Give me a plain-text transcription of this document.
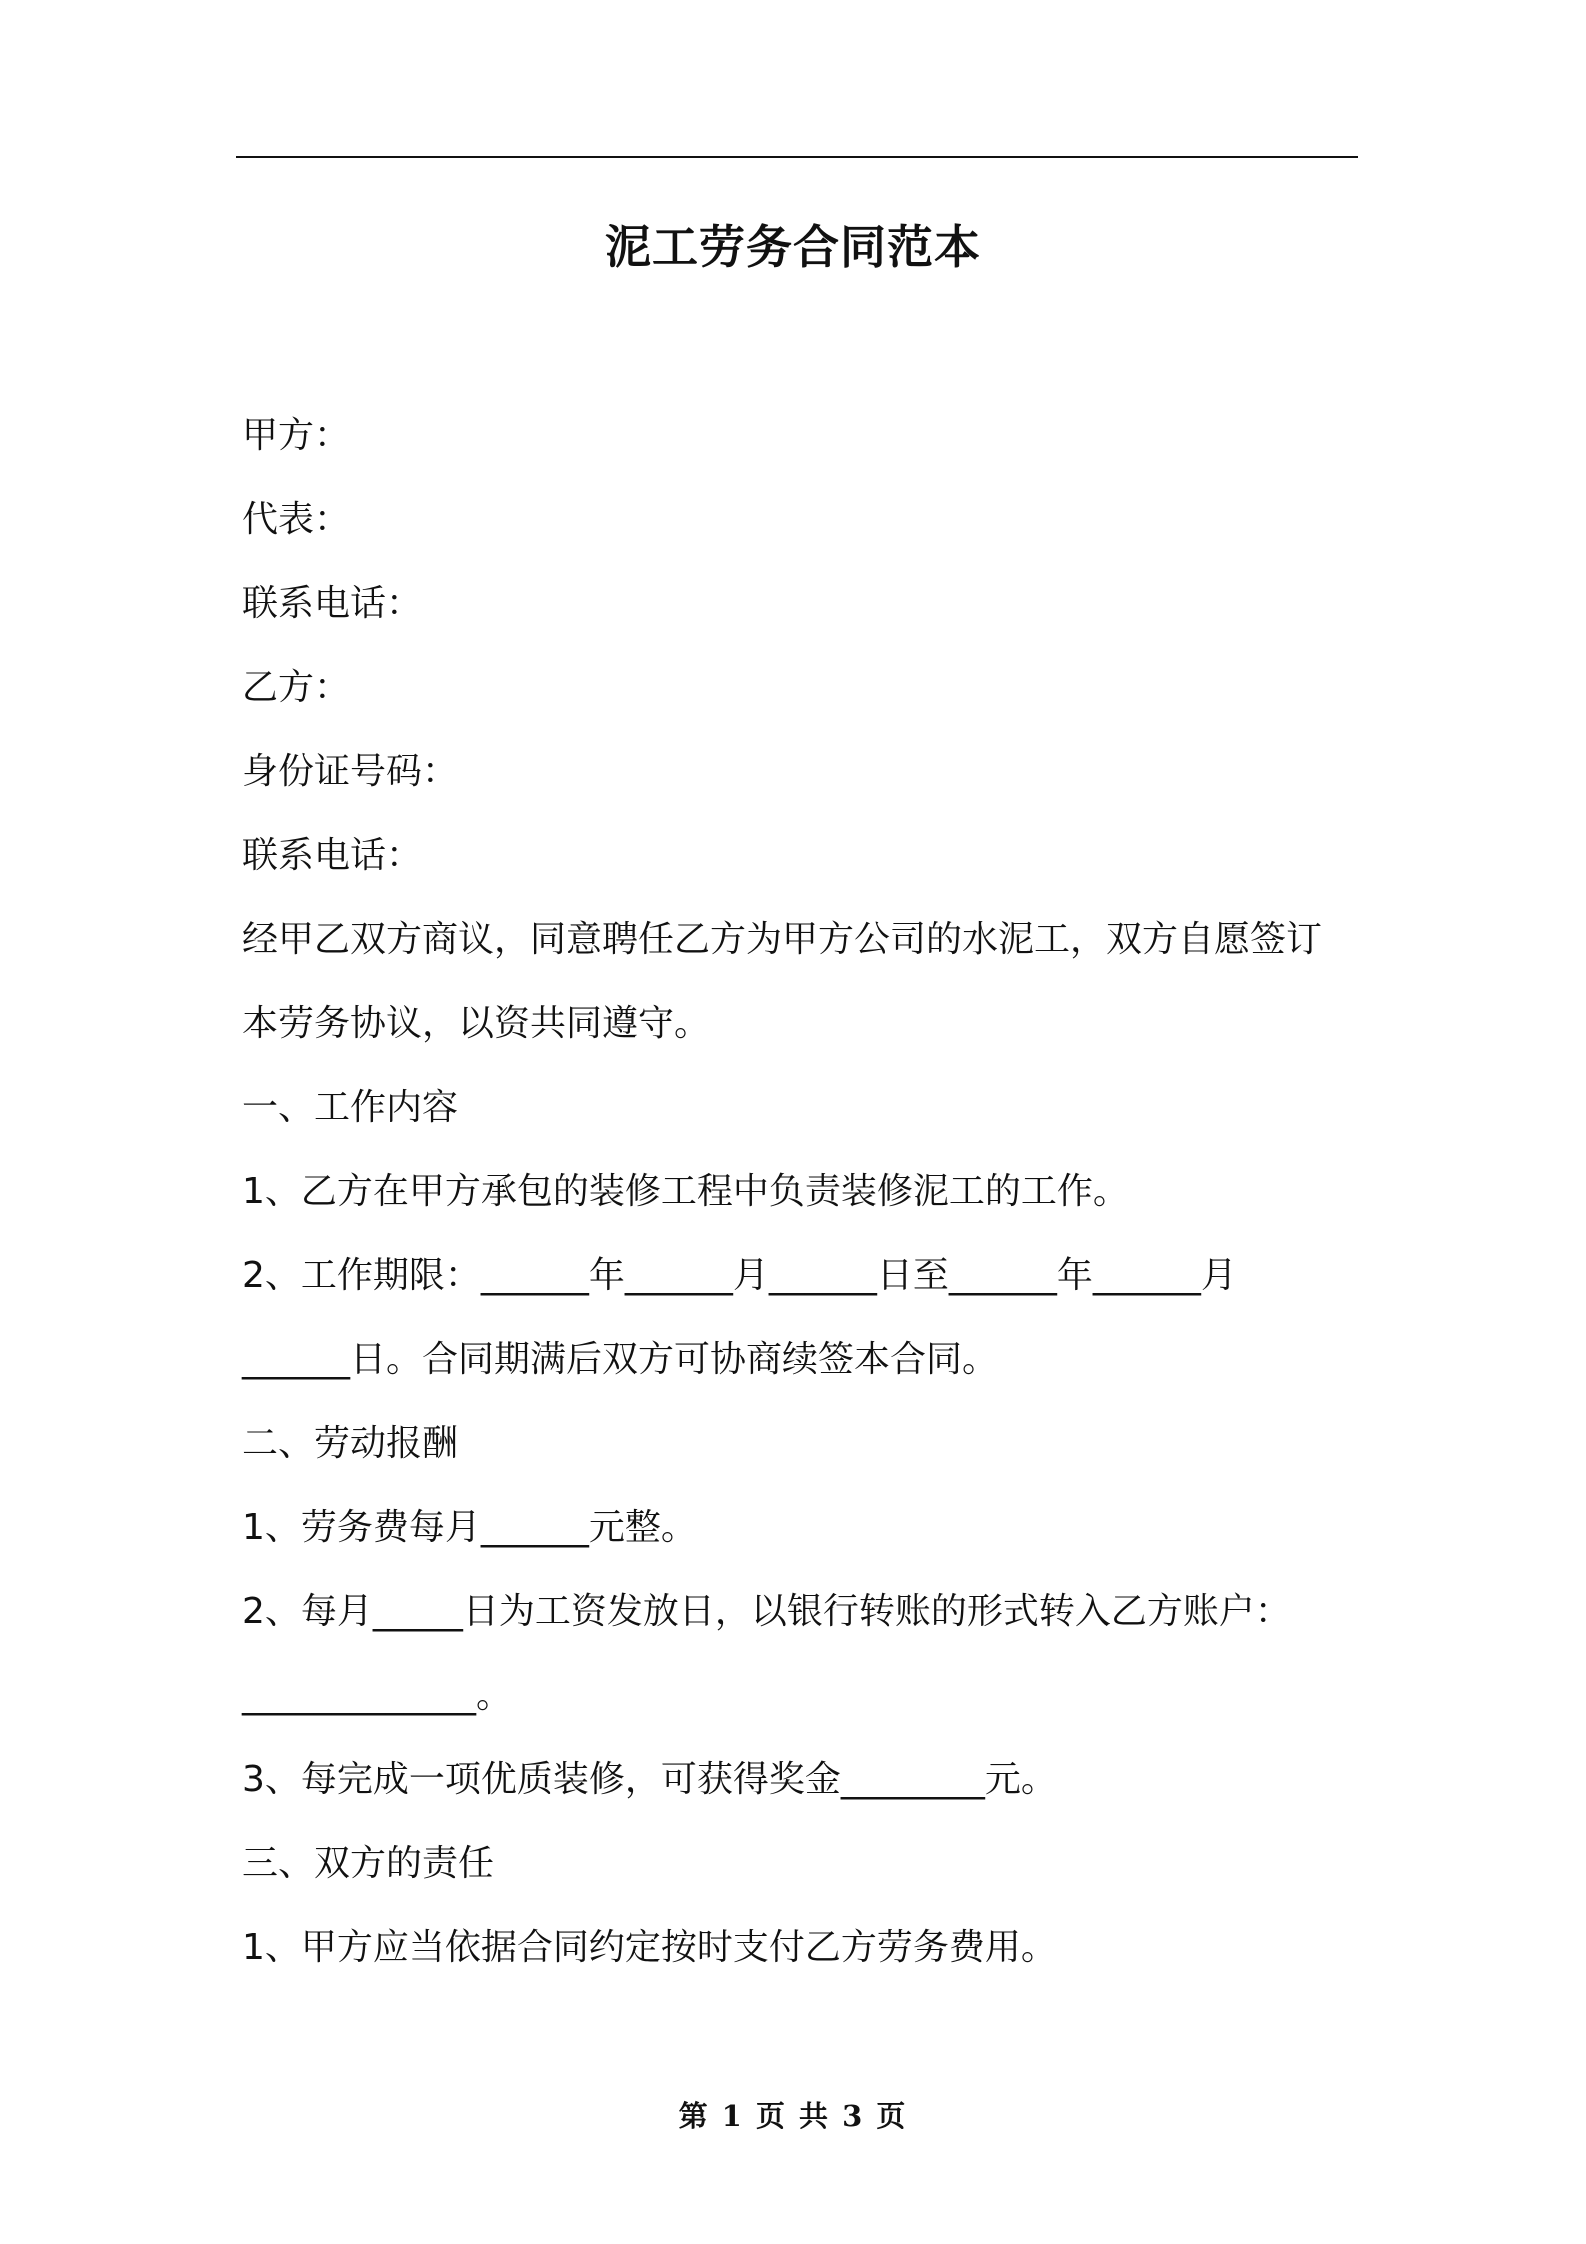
泥工劳务合同范本
甲方：
代表：
联系电话：
乙方：
身份证号码：
联系电话：
经甲乙双方商议，同意聘任乙方为甲方公司的水泥工，双方自愿签订
本劳务协议，以资共同遵守。
一、工作内容
1、乙方在甲方承包的装修工程中负责装修泥工的工作。
2、工作期限：______年______月______日至______年______月
______日。合同期满后双方可协商续签本合同。
二、劳动报酬
1、劳务费每月______元整。
2、每月_____日为工资发放日，以银行转账的形式转入乙方账户：
_____________。
3、每完成一项优质装修，可获得奖金________元。
三、双方的责任
1、甲方应当依据合同约定按时支付乙方劳务费用。
第 1 页 共 3 页
